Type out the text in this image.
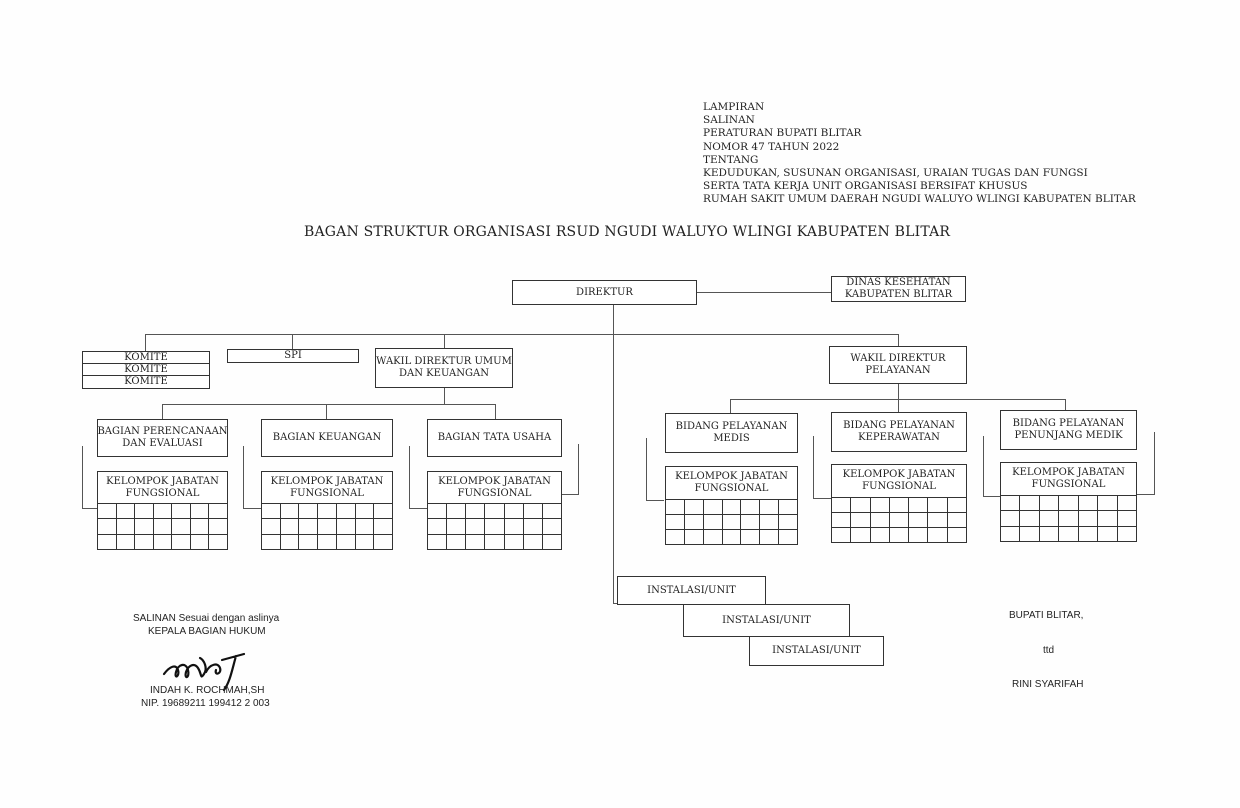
LAMPIRAN
SALINAN
PERATURAN BUPATI BLITAR
NOMOR 47 TAHUN 2022
TENTANG
KEDUDUKAN, SUSUNAN ORGANISASI, URAIAN TUGAS DAN FUNGSI
SERTA TATA KERJA UNIT ORGANISASI BERSIFAT KHUSUS
RUMAH SAKIT UMUM DAERAH NGUDI WALUYO WLINGI KABUPATEN BLITAR
BAGAN STRUKTUR ORGANISASI RSUD NGUDI WALUYO WLINGI KABUPATEN BLITAR
DIREKTUR
DINAS KESEHATAN
KABUPATEN BLITAR
KOMITE
KOMITE
KOMITE
SPI
WAKIL DIREKTUR UMUM
DAN KEUANGAN
WAKIL DIREKTUR
PELAYANAN
BAGIAN PERENCANAAN
DAN EVALUASI
KELOMPOK JABATAN
FUNGSIONAL
BAGIAN KEUANGAN
KELOMPOK JABATAN
FUNGSIONAL
BAGIAN TATA USAHA
KELOMPOK JABATAN
FUNGSIONAL
BIDANG PELAYANAN
MEDIS
KELOMPOK JABATAN
FUNGSIONAL
BIDANG PELAYANAN
KEPERAWATAN
KELOMPOK JABATAN
FUNGSIONAL
BIDANG PELAYANAN
PENUNJANG MEDIK
KELOMPOK JABATAN
FUNGSIONAL
INSTALASI/UNIT
INSTALASI/UNIT
INSTALASI/UNIT
SALINAN Sesuai dengan aslinya
KEPALA BAGIAN HUKUM
INDAH K. ROCHMAH,SH
NIP. 19689211 199412 2 003
BUPATI BLITAR,
ttd
RINI SYARIFAH
